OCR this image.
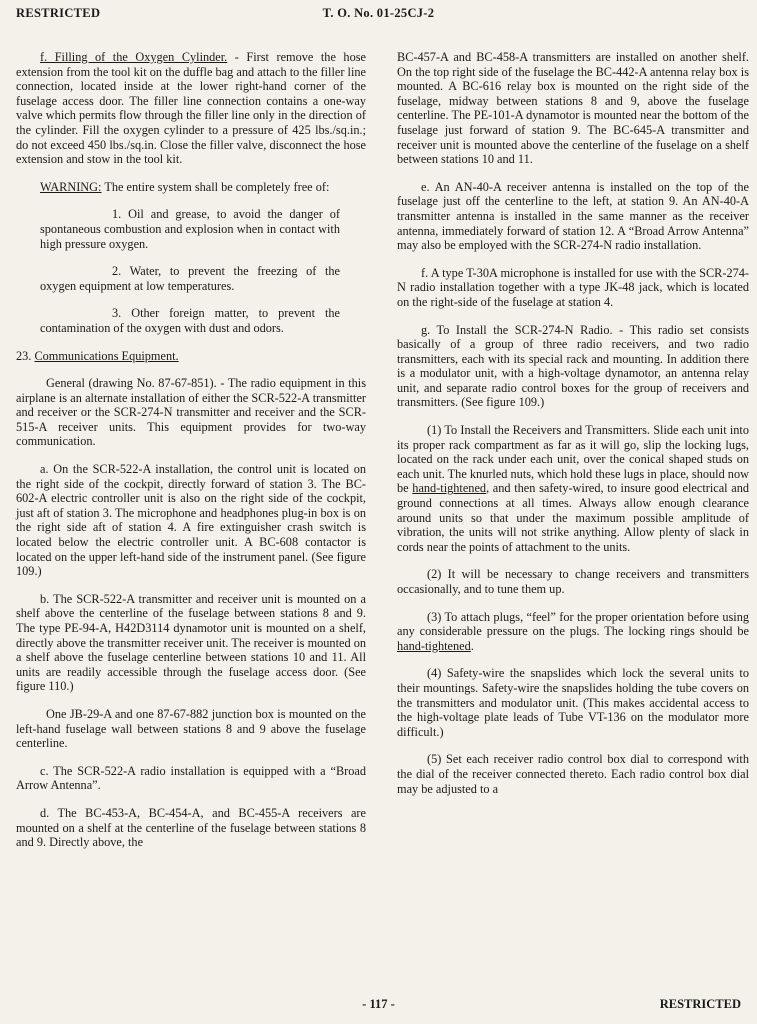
RESTRICTED	T. O. No. 01-25CJ-2

f. Filling of the Oxygen Cylinder. - First remove the hose extension from the tool kit on the duffle bag and attach to the filler line connection, located inside at the lower right-hand corner of the fuselage access door. The filler line connection contains a one-way valve which permits flow through the filler line only in the direction of the cylinder. Fill the oxygen cylinder to a pressure of 425 lbs./sq.in.; do not exceed 450 lbs./sq.in. Close the filler valve, disconnect the hose extension and stow in the tool kit.

WARNING: The entire system shall be completely free of:

1. Oil and grease, to avoid the danger of spontaneous combustion and explosion when in contact with high pressure oxygen.

2. Water, to prevent the freezing of the oxygen equipment at low temperatures.

3. Other foreign matter, to prevent the contamination of the oxygen with dust and odors.

23. Communications Equipment.

General (drawing No. 87-67-851). - The radio equipment in this airplane is an alternate installation of either the SCR-522-A transmitter and receiver or the SCR-274-N transmitter and receiver and the SCR-515-A receiver units. This equipment provides for two-way communication.

a. On the SCR-522-A installation, the control unit is located on the right side of the cockpit, directly forward of station 3. The BC-602-A electric controller unit is also on the right side of the cockpit, just aft of station 3. The microphone and headphones plug-in box is on the right side aft of station 4. A fire extinguisher crash switch is located below the electric controller unit. A BC-608 contactor is located on the upper left-hand side of the instrument panel. (See figure 109.)

b. The SCR-522-A transmitter and receiver unit is mounted on a shelf above the centerline of the fuselage between stations 8 and 9. The type PE-94-A, H42D3114 dynamotor unit is mounted on a shelf, directly above the transmitter receiver unit. The receiver is mounted on a shelf above the fuselage centerline between stations 10 and 11. All units are readily accessible through the fuselage access door. (See figure 110.)

One JB-29-A and one 87-67-882 junction box is mounted on the left-hand fuselage wall between stations 8 and 9 above the fuselage centerline.

c. The SCR-522-A radio installation is equipped with a “Broad Arrow Antenna”.

d. The BC-453-A, BC-454-A, and BC-455-A receivers are mounted on a shelf at the centerline of the fuselage between stations 8 and 9. Directly above, the

BC-457-A and BC-458-A transmitters are installed on another shelf. On the top right side of the fuselage the BC-442-A antenna relay box is mounted. A BC-616 relay box is mounted on the right side of the fuselage, midway between stations 8 and 9, above the fuselage centerline. The PE-101-A dynamotor is mounted near the bottom of the fuselage just forward of station 9. The BC-645-A transmitter and receiver unit is mounted above the centerline of the fuselage on a shelf between stations 10 and 11.

e. An AN-40-A receiver antenna is installed on the top of the fuselage just off the centerline to the left, at station 9. An AN-40-A transmitter antenna is installed in the same manner as the receiver antenna, immediately forward of station 12. A “Broad Arrow Antenna” may also be employed with the SCR-274-N radio installation.

f. A type T-30A microphone is installed for use with the SCR-274-N radio installation together with a type JK-48 jack, which is located on the right-side of the fuselage at station 4.

g. To Install the SCR-274-N Radio. - This radio set consists basically of a group of three radio receivers, and two radio transmitters, each with its special rack and mounting. In addition there is a modulator unit, with a high-voltage dynamotor, an antenna relay unit, and separate radio control boxes for the group of receivers and transmitters. (See figure 109.)

(1) To Install the Receivers and Transmitters. Slide each unit into its proper rack compartment as far as it will go, slip the locking lugs, located on the rack under each unit, over the conical shaped studs on each unit. The knurled nuts, which hold these lugs in place, should now be hand-tightened, and then safety-wired, to insure good electrical and ground connections at all times. Always allow enough clearance around units so that under the maximum possible amplitude of vibration, the units will not strike anything. Allow plenty of slack in cords near the points of attachment to the units.

(2) It will be necessary to change receivers and transmitters occasionally, and to tune them up.

(3) To attach plugs, “feel” for the proper orientation before using any considerable pressure on the plugs. The locking rings should be hand-tightened.

(4) Safety-wire the snapslides which lock the several units to their mountings. Safety-wire the snapslides holding the tube covers on the transmitters and modulator unit. (This makes accidental access to the high-voltage plate leads of Tube VT-136 on the modulator more difficult.)

(5) Set each receiver radio control box dial to correspond with the dial of the receiver connected thereto. Each radio control box dial may be adjusted to a

- 117 -	RESTRICTED
